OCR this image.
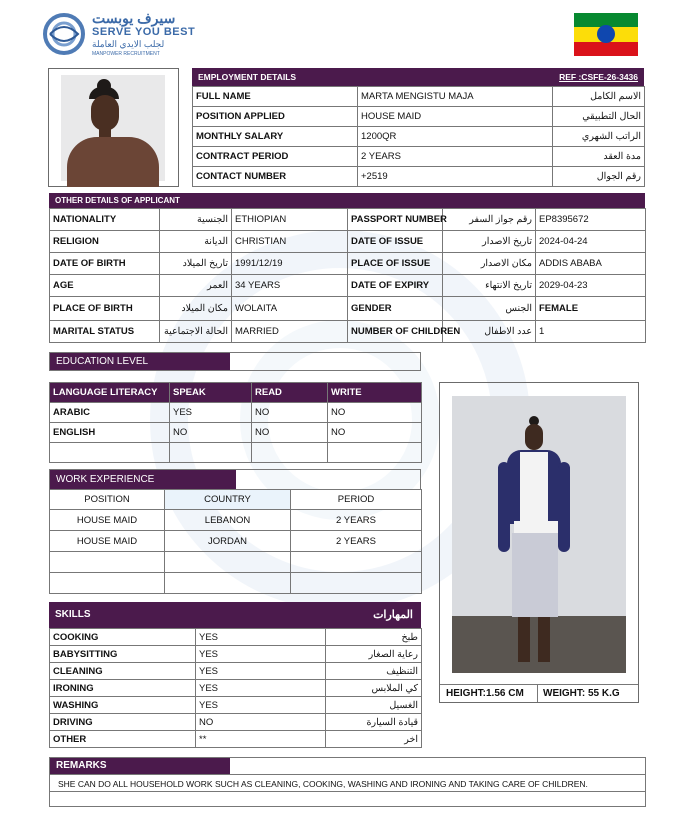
سيرف يوبست
SERVE YOU BEST
لجلب الايدي العاملة
MANPOWER RECRUITMENT
EMPLOYMENT DETAILS	REF :CSFE-26-3436
FULL NAME	MARTA MENGISTU MAJA	الاسم الكامل
POSITION APPLIED	HOUSE MAID	الحال التطبيقي
MONTHLY SALARY	1200QR	الراتب الشهري
CONTRACT PERIOD	2 YEARS	مدة العقد
CONTACT NUMBER	+2519	رقم الجوال
OTHER DETAILS OF APPLICANT
NATIONALITY	الجنسية	ETHIOPIAN	PASSPORT NUMBER	رقم جواز السفر	EP8395672
RELIGION	الديانة	CHRISTIAN	DATE OF ISSUE	تاريخ الاصدار	2024-04-24
DATE OF BIRTH	تاريخ الميلاد	1991/12/19	PLACE OF ISSUE	مكان الاصدار	ADDIS ABABA
AGE	العمر	34 YEARS	DATE OF EXPIRY	تاريخ الانتهاء	2029-04-23
PLACE OF BIRTH	مكان الميلاد	WOLAITA	GENDER	الجنس	FEMALE
MARITAL STATUS	الحالة الاجتماعية	MARRIED	NUMBER OF CHILDREN	عدد الاطفال	1
EDUCATION LEVEL
LANGUAGE LITERACY	SPEAK	READ	WRITE
ARABIC	YES	NO	NO
ENGLISH	NO	NO	NO

WORK EXPERIENCE
POSITION	COUNTRY	PERIOD
HOUSE MAID	LEBANON	2 YEARS
HOUSE MAID	JORDAN	2 YEARS

SKILLS	المهارات
COOKING	YES	طبخ
BABYSITTING	YES	رعاية الصغار
CLEANING	YES	التنظيف
IRONING	YES	كي الملابس
WASHING	YES	الغسيل
DRIVING	NO	قيادة السيارة
OTHER	**	اخر
HEIGHT:1.56 CM WEIGHT: 55 K.G
REMARKS
SHE CAN DO ALL HOUSEHOLD WORK SUCH AS CLEANING, COOKING, WASHING AND IRONING AND TAKING CARE OF CHILDREN.
